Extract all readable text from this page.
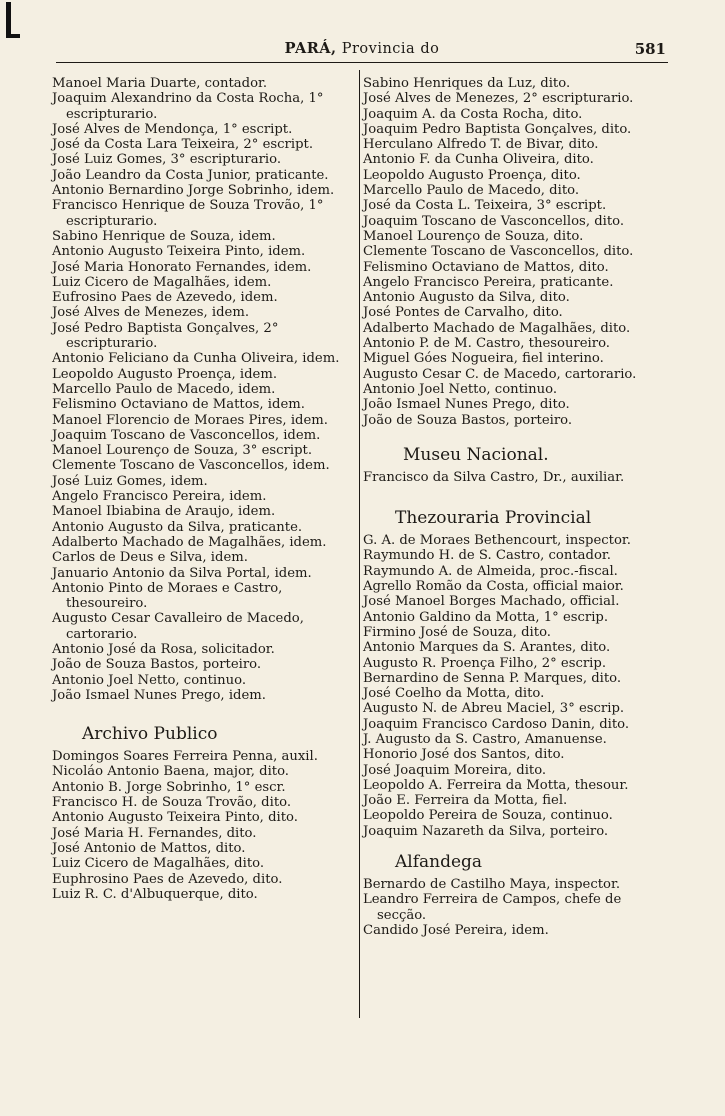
PARÁ, Provincia do	581
Manoel Maria Duarte, contador.
Joaquim Alexandrino da Costa Rocha, 1° escripturario.
José Alves de Mendonça, 1° escript.
José da Costa Lara Teixeira, 2° escript.
José Luiz Gomes, 3° escripturario.
João Leandro da Costa Junior, praticante.
Antonio Bernardino Jorge Sobrinho, idem.
Francisco Henrique de Souza Trovão, 1° escripturario.
Sabino Henrique de Souza, idem.
Antonio Augusto Teixeira Pinto, idem.
José Maria Honorato Fernandes, idem.
Luiz Cicero de Magalhães, idem.
Eufrosino Paes de Azevedo, idem.
José Alves de Menezes, idem.
José Pedro Baptista Gonçalves, 2° escripturario.
Antonio Feliciano da Cunha Oliveira, idem.
Leopoldo Augusto Proença, idem.
Marcello Paulo de Macedo, idem.
Felismino Octaviano de Mattos, idem.
Manoel Florencio de Moraes Pires, idem.
Joaquim Toscano de Vasconcellos, idem.
Manoel Lourenço de Souza, 3° escript.
Clemente Toscano de Vasconcellos, idem.
José Luiz Gomes, idem.
Angelo Francisco Pereira, idem.
Manoel Ibiabina de Araujo, idem.
Antonio Augusto da Silva, praticante.
Adalberto Machado de Magalhães, idem.
Carlos de Deus e Silva, idem.
Januario Antonio da Silva Portal, idem.
Antonio Pinto de Moraes e Castro, thesoureiro.
Augusto Cesar Cavalleiro de Macedo, cartorario.
Antonio José da Rosa, solicitador.
João de Souza Bastos, porteiro.
Antonio Joel Netto, continuo.
João Ismael Nunes Prego, idem.
Archivo Publico
Domingos Soares Ferreira Penna, auxil.
Nicoláo Antonio Baena, major, dito.
Antonio B. Jorge Sobrinho, 1° escr.
Francisco H. de Souza Trovão, dito.
Antonio Augusto Teixeira Pinto, dito.
José Maria H. Fernandes, dito.
José Antonio de Mattos, dito.
Luiz Cicero de Magalhães, dito.
Euphrosino Paes de Azevedo, dito.
Luiz R. C. d'Albuquerque, dito.
Sabino Henriques da Luz, dito.
José Alves de Menezes, 2° escripturario.
Joaquim A. da Costa Rocha, dito.
Joaquim Pedro Baptista Gonçalves, dito.
Herculano Alfredo T. de Bivar, dito.
Antonio F. da Cunha Oliveira, dito.
Leopoldo Augusto Proença, dito.
Marcello Paulo de Macedo, dito.
José da Costa L. Teixeira, 3° escript.
Joaquim Toscano de Vasconcellos, dito.
Manoel Lourenço de Souza, dito.
Clemente Toscano de Vasconcellos, dito.
Felismino Octaviano de Mattos, dito.
Angelo Francisco Pereira, praticante.
Antonio Augusto da Silva, dito.
José Pontes de Carvalho, dito.
Adalberto Machado de Magalhães, dito.
Antonio P. de M. Castro, thesoureiro.
Miguel Góes Nogueira, fiel interino.
Augusto Cesar C. de Macedo, cartorario.
Antonio Joel Netto, continuo.
João Ismael Nunes Prego, dito.
João de Souza Bastos, porteiro.
Museu Nacional.
Francisco da Silva Castro, Dr., auxiliar.
Thezouraria Provincial
G. A. de Moraes Bethencourt, inspector.
Raymundo H. de S. Castro, contador.
Raymundo A. de Almeida, proc.-fiscal.
Agrello Romão da Costa, official maior.
José Manoel Borges Machado, official.
Antonio Galdino da Motta, 1° escrip.
Firmino José de Souza, dito.
Antonio Marques da S. Arantes, dito.
Augusto R. Proença Filho, 2° escrip.
Bernardino de Senna P. Marques, dito.
José Coelho da Motta, dito.
Augusto N. de Abreu Maciel, 3° escrip.
Joaquim Francisco Cardoso Danin, dito.
J. Augusto da S. Castro, Amanuense.
Honorio José dos Santos, dito.
José Joaquim Moreira, dito.
Leopoldo A. Ferreira da Motta, thesour.
João E. Ferreira da Motta, fiel.
Leopoldo Pereira de Souza, continuo.
Joaquim Nazareth da Silva, porteiro.
Alfandega
Bernardo de Castilho Maya, inspector.
Leandro Ferreira de Campos, chefe de secção.
Candido José Pereira, idem.
